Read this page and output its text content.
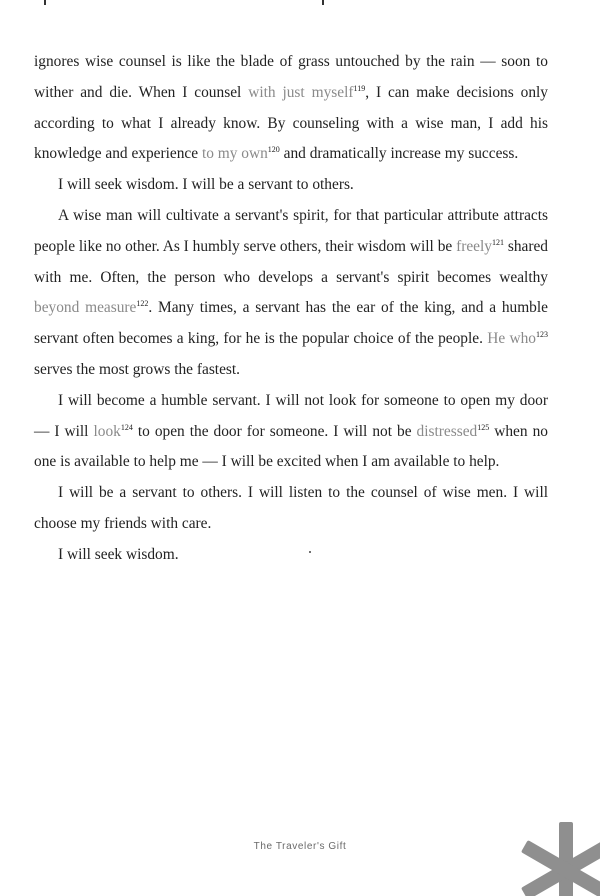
ignores wise counsel is like the blade of grass untouched by the rain — soon to wither and die. When I counsel with just myself$^{119}$, I can make decisions only according to what I already know. By counseling with a wise man, I add his knowledge and experience to my own$^{120}$ and dramatically increase my success.

I will seek wisdom. I will be a servant to others.

A wise man will cultivate a servant's spirit, for that particular attribute attracts people like no other. As I humbly serve others, their wisdom will be freely$^{121}$ shared with me. Often, the person who develops a servant's spirit becomes wealthy beyond measure$^{122}$. Many times, a servant has the ear of the king, and a humble servant often becomes a king, for he is the popular choice of the people. He who$^{123}$ serves the most grows the fastest.

I will become a humble servant. I will not look for someone to open my door — I will look$^{124}$ to open the door for someone. I will not be distressed$^{125}$ when no one is available to help me — I will be excited when I am available to help.

I will be a servant to others. I will listen to the counsel of wise men. I will choose my friends with care.

I will seek wisdom.

The Traveler's Gift
